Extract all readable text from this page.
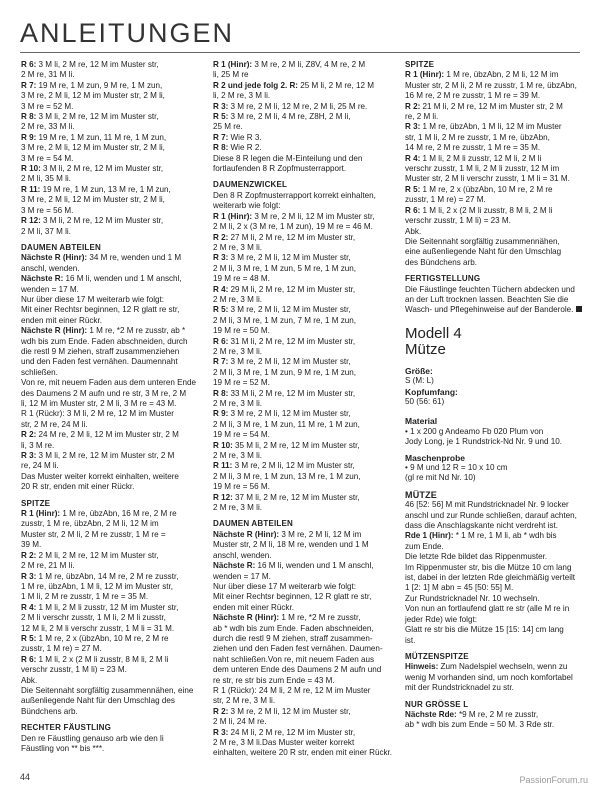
ANLEITUNGEN
R 6: 3 M li, 2 M re, 12 M im Muster str,
2 M re, 31 M li.
R 7: 19 M re, 1 M zun, 9 M re, 1 M zun,
3 M re, 2 M li, 12 M im Muster str, 2 M li,
3 M re = 52 M.
R 8: 3 M li, 2 M re, 12 M im Muster str,
2 M re, 33 M li.
R 9: 19 M re, 1 M zun, 11 M re, 1 M zun,
3 M re, 2 M li, 12 M im Muster str, 2 M li,
3 M re = 54 M.
R 10: 3 M li, 2 M re, 12 M im Muster str,
2 M li, 35 M li.
R 11: 19 M re, 1 M zun, 13 M re, 1 M zun,
3 M re, 2 M li, 12 M im Muster str, 2 M li,
3 M re = 56 M.
R 12: 3 M li, 2 M re, 12 M im Muster str,
2 M li, 37 M li.
DAUMEN ABTEILEN
Nächste R (Hinr): 34 M re, wenden und 1 M
anschl, wenden.
Nächste R: 16 M li, wenden und 1 M anschl,
wenden = 17 M.
Nur über diese 17 M weiterarb wie folgt:
Mit einer Rechtsr beginnen, 12 R glatt re str,
enden mit einer Rückr.
Nächste R (Hinr): 1 M re, *2 M re zusstr, ab *
wdh bis zum Ende. Faden abschneiden, durch
die restl 9 M ziehen, straff zusammenziehen
und den Faden fest vernähen. Daumennaht
schließen.
Von re, mit neuem Faden aus dem unteren Ende
des Daumens 2 M aufn und re str, 3 M re, 2 M
li, 12 M im Muster str, 2 M li, 3 M re = 43 M.
R 1 (Rückr): 3 M li, 2 M re, 12 M im Muster
str, 2 M re, 24 M li.
R 2: 24 M re, 2 M li, 12 M im Muster str, 2 M
li, 3 M re.
R 3: 3 M li, 2 M re, 12 M im Muster str, 2 M
re, 24 M li.
Das Muster weiter korrekt einhalten, weitere
20 R str, enden mit einer Rückr.
SPITZE
R 1 (Hinr): 1 M re, übzAbn, 16 M re, 2 M re
zusstr, 1 M re, übzAbn, 2 M li, 12 M im
Muster str, 2 M li, 2 M re zusstr, 1 M re =
39 M.
R 2: 2 M li, 2 M re, 12 M im Muster str,
2 M re, 21 M li.
R 3: 1 M re, übzAbn, 14 M re, 2 M re zusstr,
1 M re, übzAbn, 1 M li, 12 M im Muster str,
1 M li, 2 M re zusstr, 1 M re = 35 M.
R 4: 1 M li, 2 M li zusstr, 12 M im Muster str,
2 M li verschr zusstr, 1 M li, 2 M li zusstr,
12 M li, 2 M li verschr zusstr, 1 M li = 31 M.
R 5: 1 M re, 2 x (übzAbn, 10 M re, 2 M re
zusstr, 1 M re) = 27 M.
R 6: 1 M li, 2 x (2 M li zusstr, 8 M li, 2 M li
verschr zusstr, 1 M li) = 23 M.
Abk.
Die Seitennaht sorgfältig zusammennähen, eine
außenliegende Naht für den Umschlag des
Bündchens arb.
RECHTER FÄUSTLING
Den re Fäustling genauso arb wie den li
Fäustling von ** bis ***.
R 1 (Hinr): 3 M re, 2 M li, Z8V, 4 M re, 2 M
li, 25 M re
R 2 und jede folg 2. R: 25 M li, 2 M re, 12 M
li, 2 M re, 3 M li.
R 3: 3 M re, 2 M li, 12 M re, 2 M li, 25 M re.
R 5: 3 M re, 2 M li, 4 M re, Z8H, 2 M li,
25 M re.
R 7: Wie R 3.
R 8: Wie R 2.
Diese 8 R legen die M-Einteilung und den
fortlaufenden 8 R Zopfmusterrapport.
DAUMENZWICKEL
Den 8 R Zopfmusterrapport korrekt einhalten,
weiterarb wie folgt:
R 1 (Hinr): 3 M re, 2 M li, 12 M im Muster str,
2 M li, 2 x (3 M re, 1 M zun), 19 M re = 46 M.
R 2: 27 M li, 2 M re, 12 M im Muster str,
2 M re, 3 M li.
R 3: 3 M re, 2 M li, 12 M im Muster str,
2 M li, 3 M re, 1 M zun, 5 M re, 1 M zun,
19 M re = 48 M.
R 4: 29 M li, 2 M re, 12 M im Muster str,
2 M re, 3 M li.
R 5: 3 M re, 2 M li, 12 M im Muster str,
2 M li, 3 M re, 1 M zun, 7 M re, 1 M zun,
19 M re = 50 M.
R 6: 31 M li, 2 M re, 12 M im Muster str,
2 M re, 3 M li.
R 7: 3 M re, 2 M li, 12 M im Muster str,
2 M li, 3 M re, 1 M zun, 9 M re, 1 M zun,
19 M re = 52 M.
R 8: 33 M li, 2 M re, 12 M im Muster str,
2 M re, 3 M li.
R 9: 3 M re, 2 M li, 12 M im Muster str,
2 M li, 3 M re, 1 M zun, 11 M re, 1 M zun,
19 M re = 54 M.
R 10: 35 M li, 2 M re, 12 M im Muster str,
2 M re, 3 M li.
R 11: 3 M re, 2 M li, 12 M im Muster str,
2 M li, 3 M re, 1 M zun, 13 M re, 1 M zun,
19 M re = 56 M.
R 12: 37 M li, 2 M re, 12 M im Muster str,
2 M re, 3 M li.
DAUMEN ABTEILEN
Nächste R (Hinr): 3 M re, 2 M li, 12 M im
Muster str, 2 M li, 18 M re, wenden und 1 M
anschl, wenden.
Nächste R: 16 M li, wenden und 1 M anschl,
wenden = 17 M.
Nur über diese 17 M weiterarb wie folgt:
Mit einer Rechtsr beginnen, 12 R glatt re str,
enden mit einer Rückr.
Nächste R (Hinr): 1 M re, *2 M re zusstr,
ab * wdh bis zum Ende. Faden abschneiden,
durch die restl 9 M ziehen, straff zusammen-
ziehen und den Faden fest vernähen. Daumen-
naht schließen.Von re, mit neuem Faden aus
dem unteren Ende des Daumens 2 M aufn und
re str, re str bis zum Ende = 43 M.
R 1 (Rückr): 24 M li, 2 M re, 12 M im Muster
str, 2 M re, 3 M li.
R 2: 3 M re, 2 M li, 12 M im Muster str,
2 M li, 24 M re.
R 3: 24 M li, 2 M re, 12 M im Muster str,
2 M re, 3 M li.Das Muster weiter korrekt
einhalten, weitere 20 R str, enden mit einer Rückr.
SPITZE
R 1 (Hinr): 1 M re, übzAbn, 2 M li, 12 M im
Muster str, 2 M li, 2 M re zusstr, 1 M re, übzAbn,
16 M re, 2 M re zusstr, 1 M re = 39 M.
R 2: 21 M li, 2 M re, 12 M im Muster str, 2 M
re, 2 M li.
R 3: 1 M re, übzAbn, 1 M li, 12 M im Muster
str, 1 M li, 2 M re zusstr, 1 M re, übzAbn,
14 M re, 2 M re zusstr, 1 M re = 35 M.
R 4: 1 M li, 2 M li zusstr, 12 M li, 2 M li
verschr zusstr, 1 M li, 2 M li zusstr, 12 M im
Muster str, 2 M li verschr zusstr, 1 M li = 31 M.
R 5: 1 M re, 2 x (übzAbn, 10 M re, 2 M re
zusstr, 1 M re) = 27 M.
R 6: 1 M li, 2 x (2 M li zusstr, 8 M li, 2 M li
verschr zusstr, 1 M li) = 23 M.
Abk.
Die Seitennaht sorgfältig zusammennähen,
eine außenliegende Naht für den Umschlag
des Bündchens arb.
FERTIGSTELLUNG
Die Fäustlinge feuchten Tüchern abdecken und
an der Luft trocknen lassen. Beachten Sie die
Wasch- und Pflegehinweise auf der Banderole.
Modell 4
Mütze
Größe:
S (M: L)
Kopfumfang:
50 (56: 61)
Material
• 1 x 200 g Andeamo Fb 020 Plum von
Jody Long, je 1 Rundstrick-Nd Nr. 9 und 10.
Maschenprobe
• 9 M und 12 R = 10 x 10 cm
(gl re mit Nd Nr. 10)
MÜTZE
46 [52: 56] M mit Rundstricknadel Nr. 9 locker
anschl und zur Runde schließen, darauf achten,
dass die Anschlagskante nicht verdreht ist.
Rde 1 (Hinr): * 1 M re, 1 M li, ab * wdh bis
zum Ende.
Die letzte Rde bildet das Rippenmuster.
Im Rippenmuster str, bis die Mütze 10 cm lang
ist, dabei in der letzten Rde gleichmäßig verteilt
1 [2: 1] M abn = 45 [50: 55] M.
Zur Rundstricknadel Nr. 10 wechseln.
Von nun an fortlaufend glatt re str (alle M re in
jeder Rde) wie folgt:
Glatt re str bis die Mütze 15 [15: 14] cm lang
ist.
MÜTZENSPITZE
Hinweis: Zum Nadelspiel wechseln, wenn zu
wenig M vorhanden sind, um noch komfortabel
mit der Rundstricknadel zu str.
NUR GRÖSSE L
Nächste Rde: *9 M re, 2 M re zusstr,
ab * wdh bis zum Ende = 50 M. 3 Rde str.
44	PassionForum.ru
